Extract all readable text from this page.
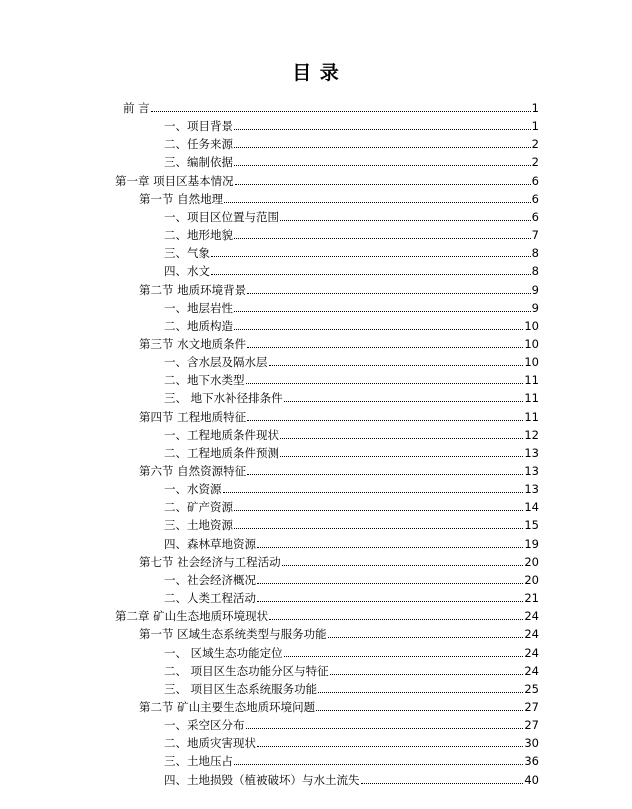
目 录
前 言	1
一、项目背景	1
二、任务来源	2
三、编制依据	2
第一章 项目区基本情况	6
第一节 自然地理	6
一、项目区位置与范围	6
二、地形地貌	7
三、气象	8
四、水文	8
第二节 地质环境背景	9
一、地层岩性	9
二、地质构造	10
第三节 水文地质条件	10
一、含水层及隔水层	10
二、地下水类型	11
三、 地下水补径排条件	11
第四节 工程地质特征	11
一、工程地质条件现状	12
二、工程地质条件预测	13
第六节 自然资源特征	13
一、水资源	13
二、矿产资源	14
三、土地资源	15
四、森林草地资源	19
第七节 社会经济与工程活动	20
一、社会经济概况	20
二、人类工程活动	21
第二章 矿山生态地质环境现状	24
第一节 区域生态系统类型与服务功能	24
一、 区域生态功能定位	24
二、 项目区生态功能分区与特征	24
三、 项目区生态系统服务功能	25
第二节 矿山主要生态地质环境问题	27
一、采空区分布	27
二、地质灾害现状	30
三、土地压占	36
四、土地损毁（植被破坏）与水土流失	40
